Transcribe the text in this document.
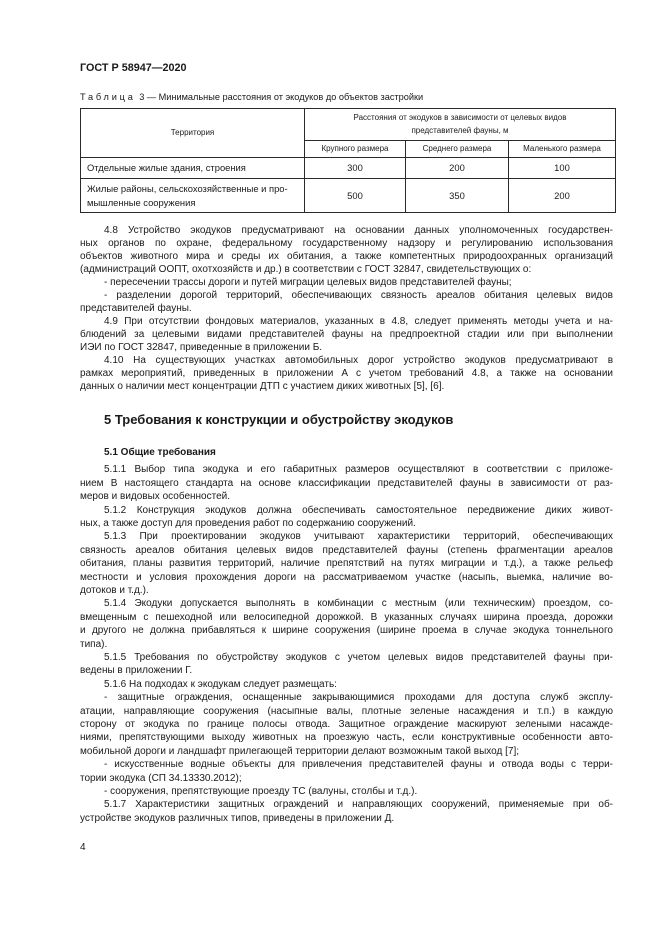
ГОСТ Р 58947—2020
Таблица 3 — Минимальные расстояния от экодуков до объектов застройки
Территория	Расстояния от экодуков в зависимости от целевых видов
представителей фауны, м		

	Крупного размера	Среднего размера	Маленького размера

Отдельные жилые здания, строения	300	200	100

Жилые районы, сельскохозяйственные и про-
мышленные сооружения	500	350	200
4.8 Устройство экодуков предусматривают на основании данных уполномоченных государствен-
ных органов по охране, федеральному государственному надзору и регулированию использования
объектов животного мира и среды их обитания, а также компетентных природоохранных организаций
(администраций ООПТ, охотхозяйств и др.) в соответствии с ГОСТ 32847, свидетельствующих о:
- пересечении трассы дороги и путей миграции целевых видов представителей фауны;
- разделении дорогой территорий, обеспечивающих связность ареалов обитания целевых видов
представителей фауны.
4.9 При отсутствии фондовых материалов, указанных в 4.8, следует применять методы учета и на-
блюдений за целевыми видами представителей фауны на предпроектной стадии или при выполнении
ИЭИ по ГОСТ 32847, приведенные в приложении Б.
4.10 На существующих участках автомобильных дорог устройство экодуков предусматривают в
рамках мероприятий, приведенных в приложении А с учетом требований 4.8, а также на основании
данных о наличии мест концентрации ДТП с участием диких животных [5], [6].
5 Требования к конструкции и обустройству экодуков
5.1 Общие требования
5.1.1 Выбор типа экодука и его габаритных размеров осуществляют в соответствии с приложе-
нием В настоящего стандарта на основе классификации представителей фауны в зависимости от раз-
меров и видовых особенностей.
5.1.2 Конструкция экодуков должна обеспечивать самостоятельное передвижение диких живот-
ных, а также доступ для проведения работ по содержанию сооружений.
5.1.3 При проектировании экодуков учитывают характеристики территорий, обеспечивающих
связность ареалов обитания целевых видов представителей фауны (степень фрагментации ареалов
обитания, планы развития территорий, наличие препятствий на путях миграции и т.д.), а также рельеф
местности и условия прохождения дороги на рассматриваемом участке (насыпь, выемка, наличие во-
дотоков и т.д.).
5.1.4 Экодуки допускается выполнять в комбинации с местным (или техническим) проездом, со-
вмещенным с пешеходной или велосипедной дорожкой. В указанных случаях ширина проезда, дорожки
и другого не должна прибавляться к ширине сооружения (ширине проема в случае экодука тоннельного
типа).
5.1.5 Требования по обустройству экодуков с учетом целевых видов представителей фауны при-
ведены в приложении Г.
5.1.6 На подходах к экодукам следует размещать:
- защитные ограждения, оснащенные закрывающимися проходами для доступа служб эксплу-
атации, направляющие сооружения (насыпные валы, плотные зеленые насаждения и т.п.) в каждую
сторону от экодука по границе полосы отвода. Защитное ограждение маскируют зелеными насажде-
ниями, препятствующими выходу животных на проезжую часть, если конструктивные особенности авто-
мобильной дороги и ландшафт прилегающей территории делают возможным такой выход [7];
- искусственные водные объекты для привлечения представителей фауны и отвода воды с терри-
тории экодука (СП 34.13330.2012);
- сооружения, препятствующие проезду ТС (валуны, столбы и т.д.).
5.1.7 Характеристики защитных ограждений и направляющих сооружений, применяемые при об-
устройстве экодуков различных типов, приведены в приложении Д.
4
